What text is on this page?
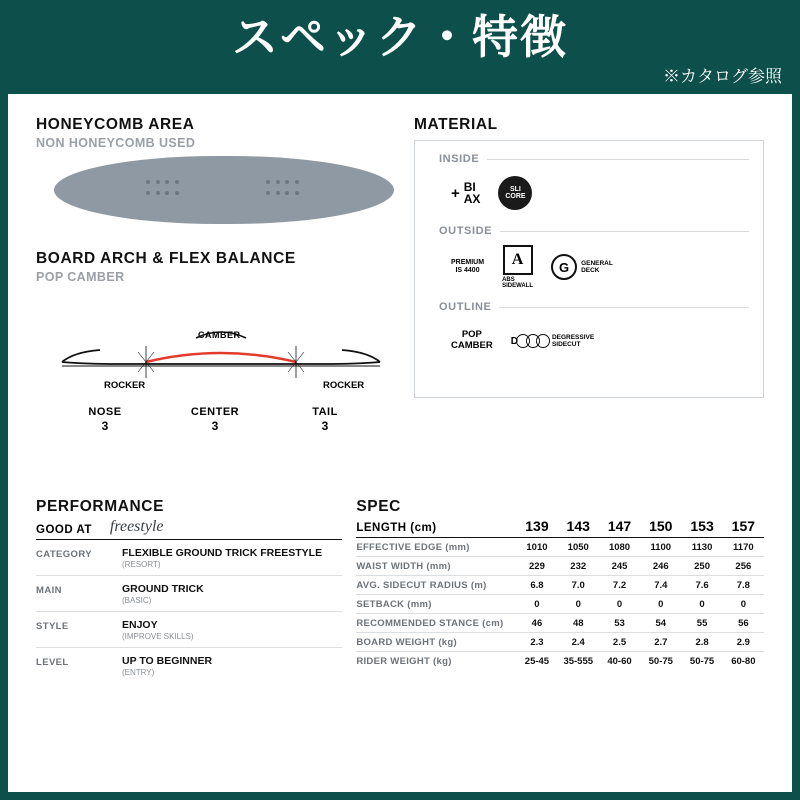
スペック・特徴
※カタログ参照
HONEYCOMB AREA
NON HONEYCOMB USED
BOARD ARCH & FLEX BALANCE
POP CAMBER
CAMBER
ROCKER	ROCKER
NOSE
3
CENTER
3
TAIL
3
MATERIAL
INSIDE
+ BI
AX
SLI
CORE
OUTSIDE
PREMIUM
IS 4400
A
ABS
SIDEWALL
G	GENERAL
DECK
OUTLINE
POP
CAMBER D	DEGRESSIVE
SIDECUT
PERFORMANCE
GOOD AT freestyle
CATEGORY	FLEXIBLE GROUND TRICK FREESTYLE
(RESORT)
MAIN	GROUND TRICK
(BASIC)
STYLE	ENJOY
(IMPROVE SKILLS)
LEVEL	UP TO BEGINNER
(ENTRY)
SPEC
LENGTH (cm)	139	143	147	150	153	157
EFFECTIVE EDGE (mm)	1010	1050	1080	1100	1130	1170
WAIST WIDTH (mm)	229	232	245	246	250	256
AVG. SIDECUT RADIUS (m)	6.8	7.0	7.2	7.4	7.6	7.8
SETBACK (mm)	0	0	0	0	0	0
RECOMMENDED STANCE (cm)	46	48	53	54	55	56
BOARD WEIGHT (kg)	2.3	2.4	2.5	2.7	2.8	2.9
RIDER WEIGHT (kg)	25-45	35-555	40-60	50-75	50-75	60-80
